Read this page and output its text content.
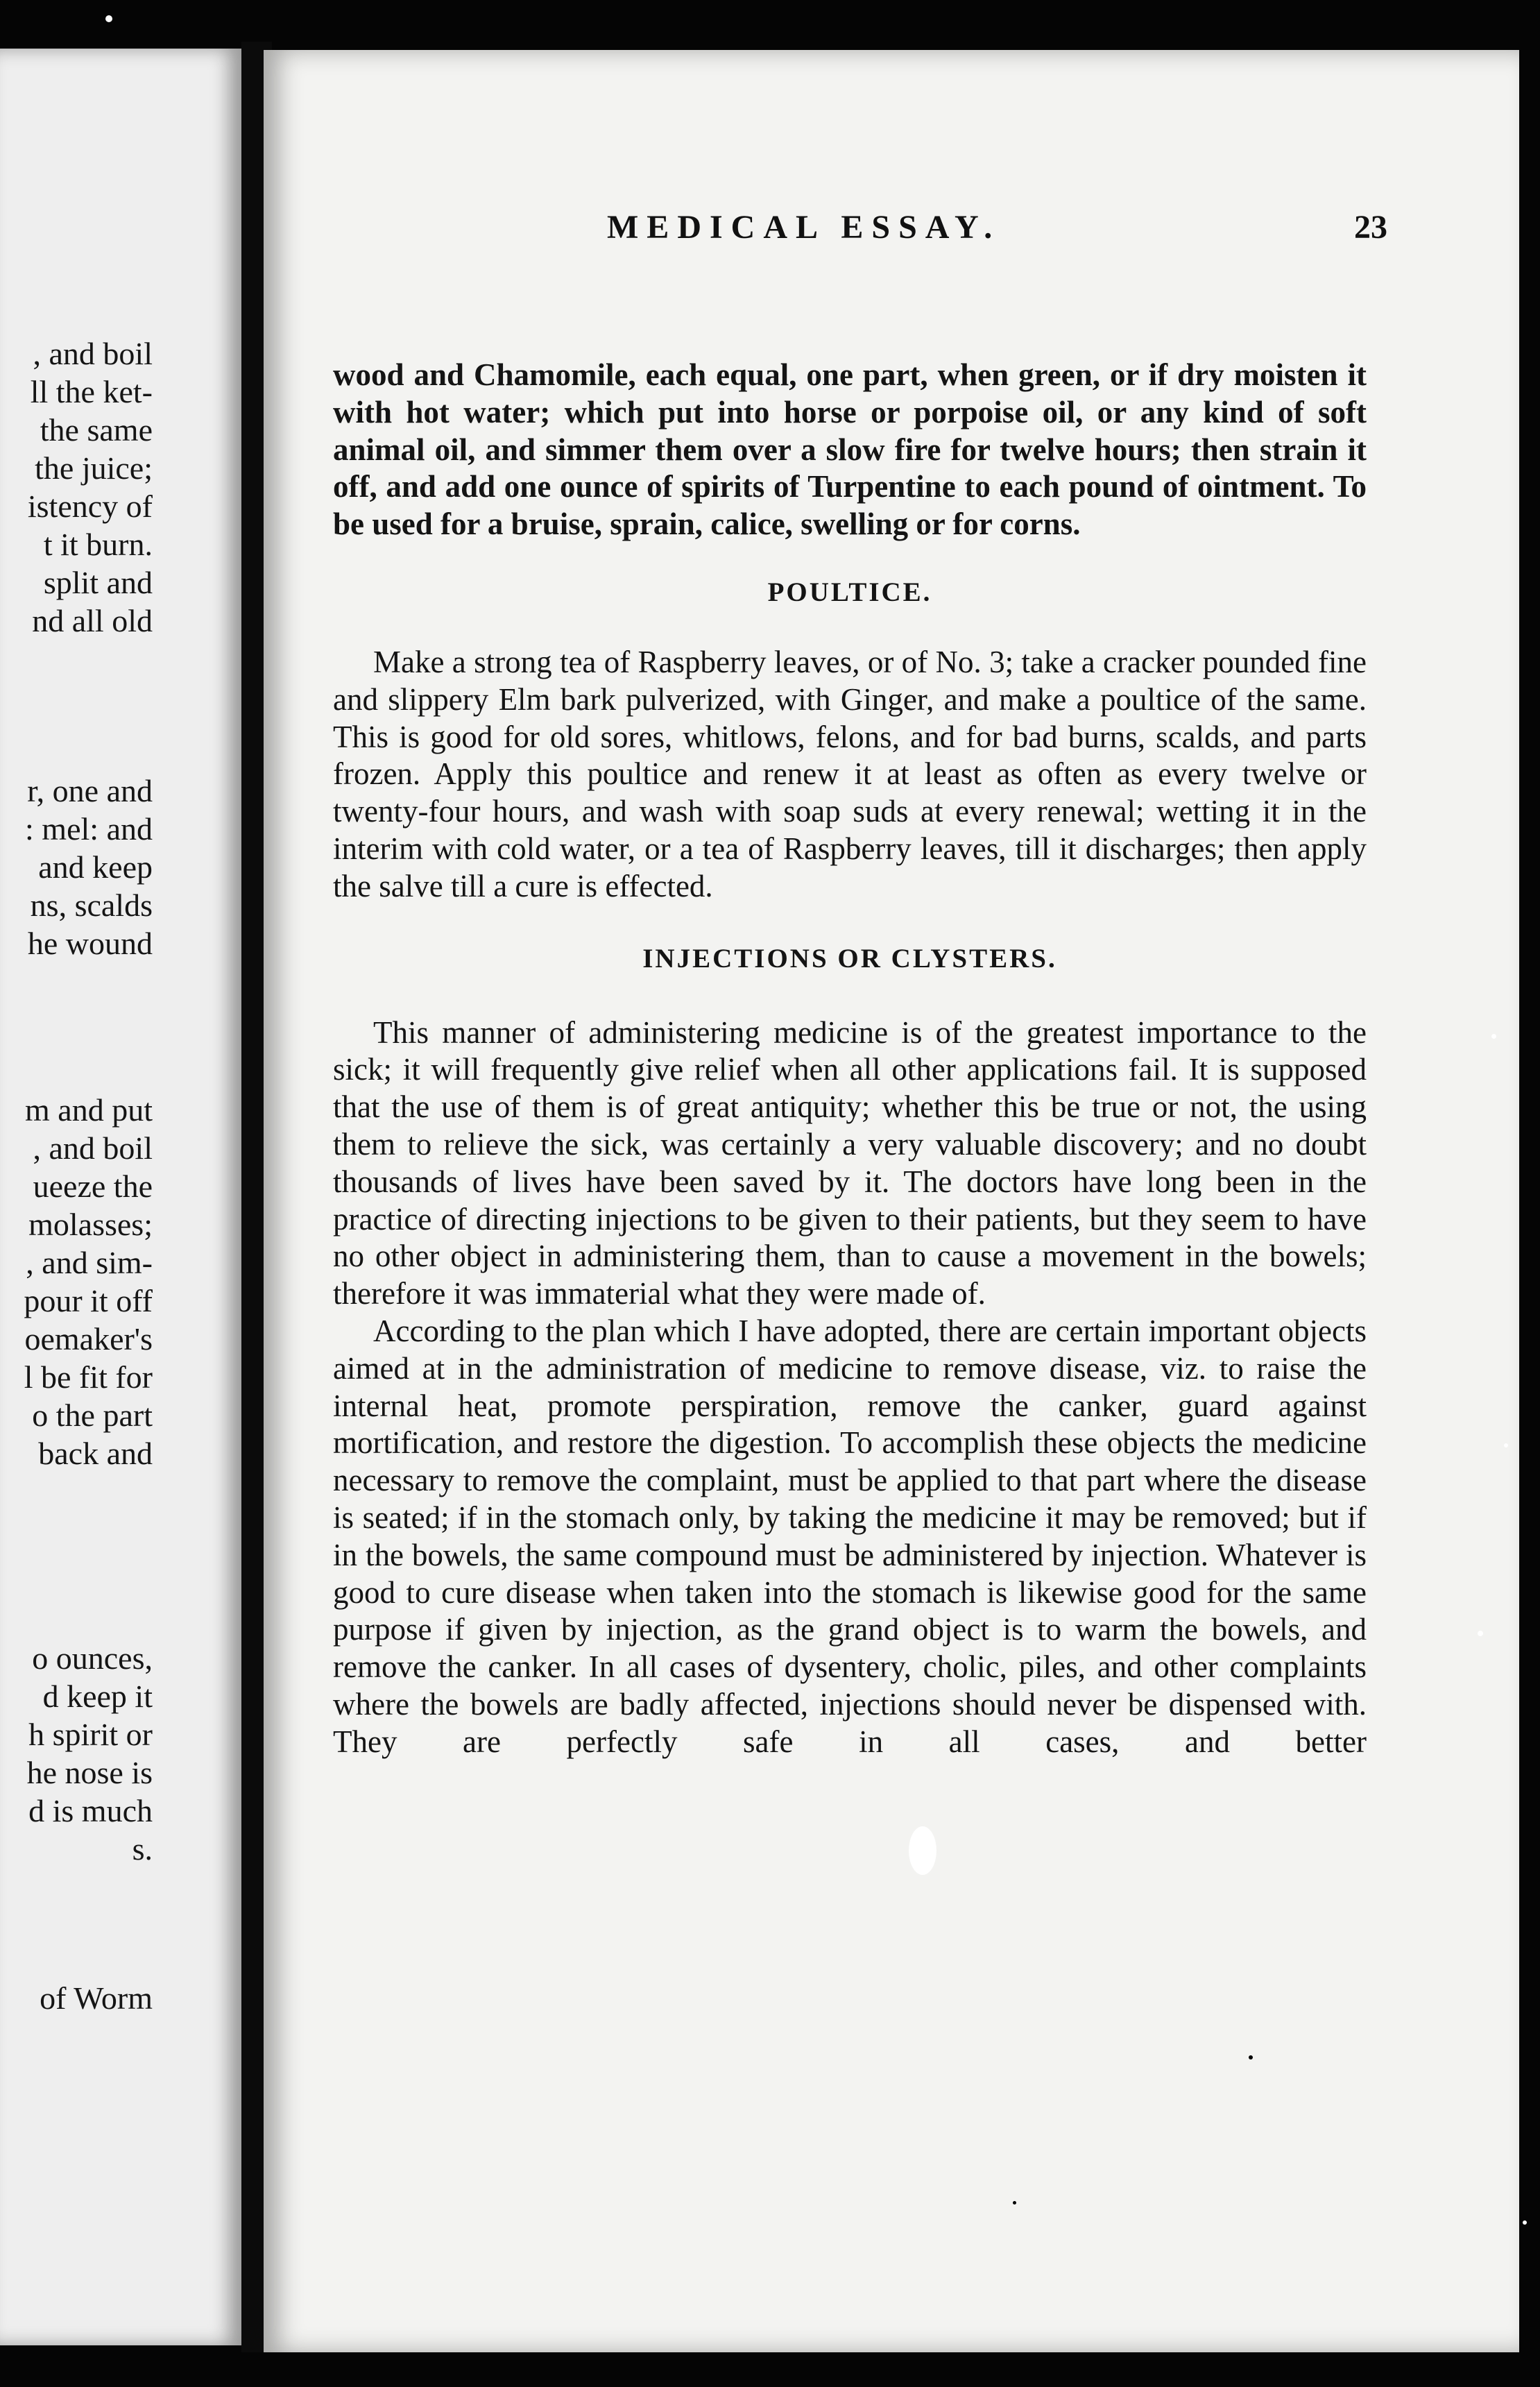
, and boil
ll the ket-
the same
the juice;
istency of
t it burn.
split and
nd all old
r, one and
: mel: and
and keep
ns, scalds
he wound
m and put
, and boil
ueeze the
molasses;
, and sim-
pour it off
oemaker's
l be fit for
o the part
back and
o ounces,
d keep it
h spirit or
he nose is
d is much
s.
of Worm
MEDICAL ESSAY.	23

wood and Chamomile, each equal, one part, when green, or if dry moisten it with hot water; which put into horse or porpoise oil, or any kind of soft animal oil, and simmer them over a slow fire for twelve hours; then strain it off, and add one ounce of spirits of Turpentine to each pound of ointment. To be used for a bruise, sprain, calice, swelling or for corns.

POULTICE.

Make a strong tea of Raspberry leaves, or of No. 3; take a cracker pounded fine and slippery Elm bark pulverized, with Ginger, and make a poultice of the same. This is good for old sores, whitlows, felons, and for bad burns, scalds, and parts frozen. Apply this poultice and renew it at least as often as every twelve or twenty-four hours, and wash with soap suds at every renewal; wetting it in the interim with cold water, or a tea of Raspberry leaves, till it discharges; then apply the salve till a cure is effected.

INJECTIONS OR CLYSTERS.

This manner of administering medicine is of the greatest importance to the sick; it will frequently give relief when all other applications fail. It is supposed that the use of them is of great antiquity; whether this be true or not, the using them to relieve the sick, was certainly a very valuable discovery; and no doubt thousands of lives have been saved by it. The doctors have long been in the practice of directing injections to be given to their patients, but they seem to have no other object in administering them, than to cause a movement in the bowels; therefore it was immaterial what they were made of.

According to the plan which I have adopted, there are certain important objects aimed at in the administration of medicine to remove disease, viz. to raise the internal heat, promote perspiration, remove the canker, guard against mortification, and restore the digestion. To accomplish these objects the medicine necessary to remove the complaint, must be applied to that part where the disease is seated; if in the stomach only, by taking the medicine it may be removed; but if in the bowels, the same compound must be administered by injection. Whatever is good to cure disease when taken into the stomach is likewise good for the same purpose if given by injection, as the grand object is to warm the bowels, and remove the canker. In all cases of dysentery, cholic, piles, and other complaints where the bowels are badly affected, injections should never be dispensed with. They are perfectly safe in all cases, and better
